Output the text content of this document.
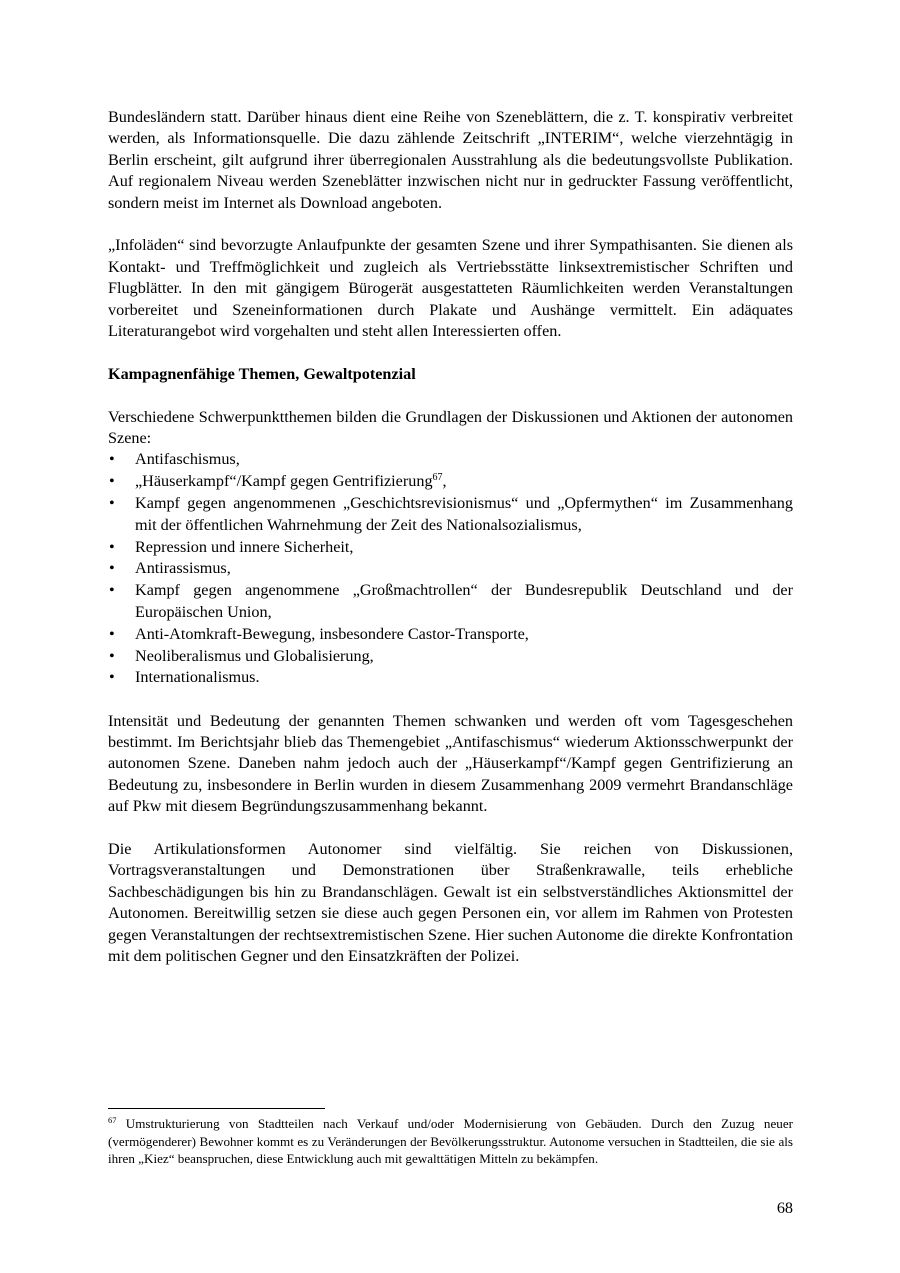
Bundesländern statt. Darüber hinaus dient eine Reihe von Szeneblättern, die z. T. konspirativ verbreitet werden, als Informationsquelle. Die dazu zählende Zeitschrift „INTERIM“, welche vierzehntägig in Berlin erscheint, gilt aufgrund ihrer überregionalen Ausstrahlung als die bedeutungsvollste Publikation. Auf regionalem Niveau werden Szeneblätter inzwischen nicht nur in gedruckter Fassung veröffentlicht, sondern meist im Internet als Download angeboten.

„Infoläden“ sind bevorzugte Anlaufpunkte der gesamten Szene und ihrer Sympathisanten. Sie dienen als Kontakt- und Treffmöglichkeit und zugleich als Vertriebsstätte linksextremistischer Schriften und Flugblätter. In den mit gängigem Bürogerät ausgestatteten Räumlichkeiten werden Veranstaltungen vorbereitet und Szeneinformationen durch Plakate und Aushänge vermittelt. Ein adäquates Literaturangebot wird vorgehalten und steht allen Interessierten offen.

Kampagnenfähige Themen, Gewaltpotenzial

Verschiedene Schwerpunktthemen bilden die Grundlagen der Diskussionen und Aktionen der autonomen Szene:

• Antifaschismus,
• „Häuserkampf“/Kampf gegen Gentrifizierung$^{67}$,
• Kampf gegen angenommenen „Geschichtsrevisionismus“ und „Opfermythen“ im Zusammenhang mit der öffentlichen Wahrnehmung der Zeit des Nationalsozialismus,
• Repression und innere Sicherheit,
• Antirassismus,
• Kampf gegen angenommene „Großmachtrollen“ der Bundesrepublik Deutschland und der Europäischen Union,
• Anti-Atomkraft-Bewegung, insbesondere Castor-Transporte,
• Neoliberalismus und Globalisierung,
• Internationalismus.

Intensität und Bedeutung der genannten Themen schwanken und werden oft vom Tagesgeschehen bestimmt. Im Berichtsjahr blieb das Themengebiet „Antifaschismus“ wiederum Aktionsschwerpunkt der autonomen Szene. Daneben nahm jedoch auch der „Häuserkampf“/Kampf gegen Gentrifizierung an Bedeutung zu, insbesondere in Berlin wurden in diesem Zusammenhang 2009 vermehrt Brandanschläge auf Pkw mit diesem Begründungszusammenhang bekannt.

Die Artikulationsformen Autonomer sind vielfältig. Sie reichen von Diskussionen, Vortragsveranstaltungen und Demonstrationen über Straßenkrawalle, teils erhebliche Sachbeschädigungen bis hin zu Brandanschlägen. Gewalt ist ein selbstverständliches Aktionsmittel der Autonomen. Bereitwillig setzen sie diese auch gegen Personen ein, vor allem im Rahmen von Protesten gegen Veranstaltungen der rechtsextremistischen Szene. Hier suchen Autonome die direkte Konfrontation mit dem politischen Gegner und den Einsatzkräften der Polizei.

$^{67}$ Umstrukturierung von Stadtteilen nach Verkauf und/oder Modernisierung von Gebäuden. Durch den Zuzug neuer (vermögenderer) Bewohner kommt es zu Veränderungen der Bevölkerungsstruktur. Autonome versuchen in Stadtteilen, die sie als ihren „Kiez“ beanspruchen, diese Entwicklung auch mit gewalttätigen Mitteln zu bekämpfen.

68
